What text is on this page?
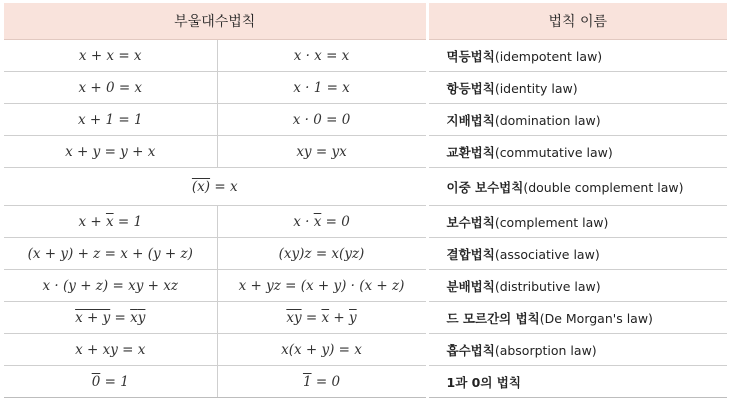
부울대수법칙		법칙 이름
x + x = x	x · x = x	멱등법칙(idempotent law)
x + 0 = x	x · 1 = x	항등법칙(identity law)
x + 1 = 1	x · 0 = 0	지배법칙(domination law)
x + y = y + x	xy = yx	교환법칙(commutative law)
(x) = x		이중 보수법칙(double complement law)
$x + \overline{x} = 1$	$x \cdot \overline{x} = 0$	보수법칙(complement law)
(x + y) + z = x + (y + z)	(xy)z = x(yz)	결합법칙(associative law)
x · (y + z) = xy + xz	x + yz = (x + y) · (x + z)	분배법칙(distributive law)
$x + y = \overline{x}\overline{y}$	$\overline{xy} = \overline{x} + \overline{y}$	드 모르간의 법칙(De Morgan's law)
x + xy = x	x(x + y) = x	흡수법칙(absorption law)
0 = 1	1 = 0	1과 0의 법칙
